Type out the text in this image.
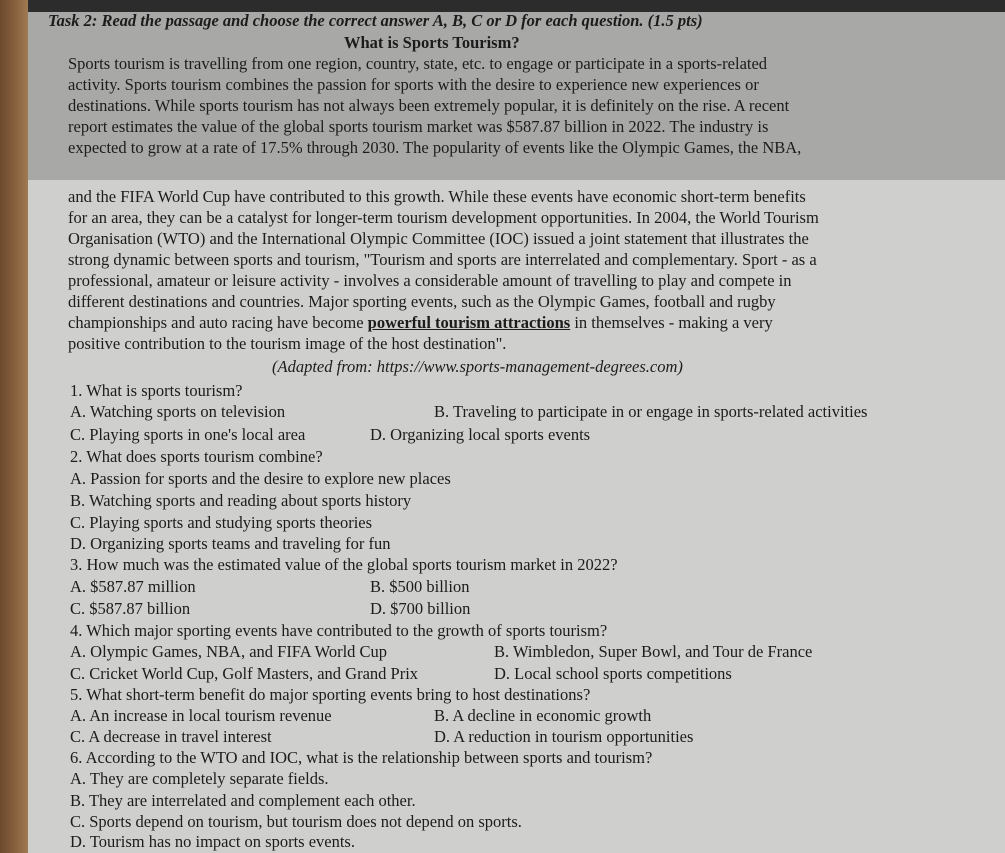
Task 2: Read the passage and choose the correct answer A, B, C or D for each question. (1.5 pts)
What is Sports Tourism?
Sports tourism is travelling from one region, country, state, etc. to engage or participate in a sports-related
activity. Sports tourism combines the passion for sports with the desire to experience new experiences or
destinations. While sports tourism has not always been extremely popular, it is definitely on the rise. A recent
report estimates the value of the global sports tourism market was $587.87 billion in 2022. The industry is
expected to grow at a rate of 17.5% through 2030. The popularity of events like the Olympic Games, the NBA,
and the FIFA World Cup have contributed to this growth. While these events have economic short-term benefits
for an area, they can be a catalyst for longer-term tourism development opportunities. In 2004, the World Tourism
Organisation (WTO) and the International Olympic Committee (IOC) issued a joint statement that illustrates the
strong dynamic between sports and tourism, "Tourism and sports are interrelated and complementary. Sport - as a
professional, amateur or leisure activity - involves a considerable amount of travelling to play and compete in
different destinations and countries. Major sporting events, such as the Olympic Games, football and rugby
championships and auto racing have become powerful tourism attractions in themselves - making a very
positive contribution to the tourism image of the host destination".
(Adapted from: https://www.sports-management-degrees.com)
1. What is sports tourism?
A. Watching sports on television	B. Traveling to participate in or engage in sports-related activities
C. Playing sports in one's local area	D. Organizing local sports events
2. What does sports tourism combine?
A. Passion for sports and the desire to explore new places
B. Watching sports and reading about sports history
C. Playing sports and studying sports theories
D. Organizing sports teams and traveling for fun
3. How much was the estimated value of the global sports tourism market in 2022?
A. $587.87 million	B. $500 billion
C. $587.87 billion	D. $700 billion
4. Which major sporting events have contributed to the growth of sports tourism?
A. Olympic Games, NBA, and FIFA World Cup	B. Wimbledon, Super Bowl, and Tour de France
C. Cricket World Cup, Golf Masters, and Grand Prix	D. Local school sports competitions
5. What short-term benefit do major sporting events bring to host destinations?
A. An increase in local tourism revenue	B. A decline in economic growth
C. A decrease in travel interest	D. A reduction in tourism opportunities
6. According to the WTO and IOC, what is the relationship between sports and tourism?
A. They are completely separate fields.
B. They are interrelated and complement each other.
C. Sports depend on tourism, but tourism does not depend on sports.
D. Tourism has no impact on sports events.
